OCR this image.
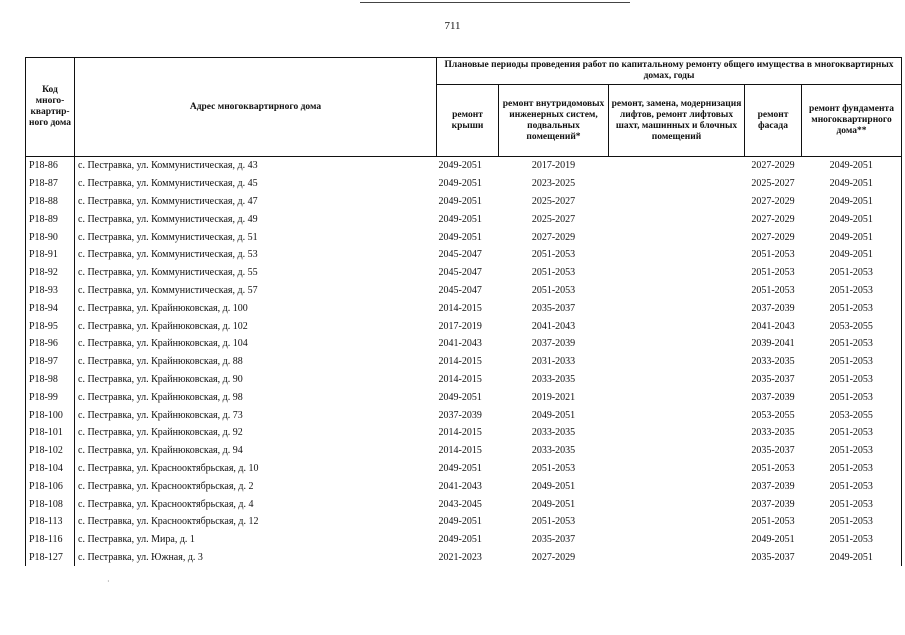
711
Код много-квартир-ного дома	Адрес многоквартирного дома	Плановые периоды проведения работ по капитальному ремонту общего имущества в многоквартирных домах, годы				
		ремонт крыши	ремонт внутридомовых инженерных систем, подвальных помещений*	ремонт, замена, модернизация лифтов, ремонт лифтовых шахт, машинных и блочных помещений	ремонт фасада	ремонт фундамента многоквартирного дома**
P18-86	с. Пестравка, ул. Коммунистическая, д. 43	2049-2051	2017-2019		2027-2029	2049-2051
P18-87	с. Пестравка, ул. Коммунистическая, д. 45	2049-2051	2023-2025		2025-2027	2049-2051
P18-88	с. Пестравка, ул. Коммунистическая, д. 47	2049-2051	2025-2027		2027-2029	2049-2051
P18-89	с. Пестравка, ул. Коммунистическая, д. 49	2049-2051	2025-2027		2027-2029	2049-2051
P18-90	с. Пестравка, ул. Коммунистическая, д. 51	2049-2051	2027-2029		2027-2029	2049-2051
P18-91	с. Пестравка, ул. Коммунистическая, д. 53	2045-2047	2051-2053		2051-2053	2049-2051
P18-92	с. Пестравка, ул. Коммунистическая, д. 55	2045-2047	2051-2053		2051-2053	2051-2053
P18-93	с. Пестравка, ул. Коммунистическая, д. 57	2045-2047	2051-2053		2051-2053	2051-2053
P18-94	с. Пестравка, ул. Крайнюковская, д. 100	2014-2015	2035-2037		2037-2039	2051-2053
P18-95	с. Пестравка, ул. Крайнюковская, д. 102	2017-2019	2041-2043		2041-2043	2053-2055
P18-96	с. Пестравка, ул. Крайнюковская, д. 104	2041-2043	2037-2039		2039-2041	2051-2053
P18-97	с. Пестравка, ул. Крайнюковская, д. 88	2014-2015	2031-2033		2033-2035	2051-2053
P18-98	с. Пестравка, ул. Крайнюковская, д. 90	2014-2015	2033-2035		2035-2037	2051-2053
P18-99	с. Пестравка, ул. Крайнюковская, д. 98	2049-2051	2019-2021		2037-2039	2051-2053
P18-100	с. Пестравка, ул. Крайнюковская, д. 73	2037-2039	2049-2051		2053-2055	2053-2055
P18-101	с. Пестравка, ул. Крайнюковская, д. 92	2014-2015	2033-2035		2033-2035	2051-2053
P18-102	с. Пестравка, ул. Крайнюковская, д. 94	2014-2015	2033-2035		2035-2037	2051-2053
P18-104	с. Пестравка, ул. Краснооктябрьская, д. 10	2049-2051	2051-2053		2051-2053	2051-2053
P18-106	с. Пестравка, ул. Краснооктябрьская, д. 2	2041-2043	2049-2051		2037-2039	2051-2053
P18-108	с. Пестравка, ул. Краснооктябрьская, д. 4	2043-2045	2049-2051		2037-2039	2051-2053
P18-113	с. Пестравка, ул. Краснооктябрьская, д. 12	2049-2051	2051-2053		2051-2053	2051-2053
P18-116	с. Пестравка, ул. Мира, д. 1	2049-2051	2035-2037		2049-2051	2051-2053
P18-127	с. Пестравка, ул. Южная, д. 3	2021-2023	2027-2029		2035-2037	2049-2051
·
